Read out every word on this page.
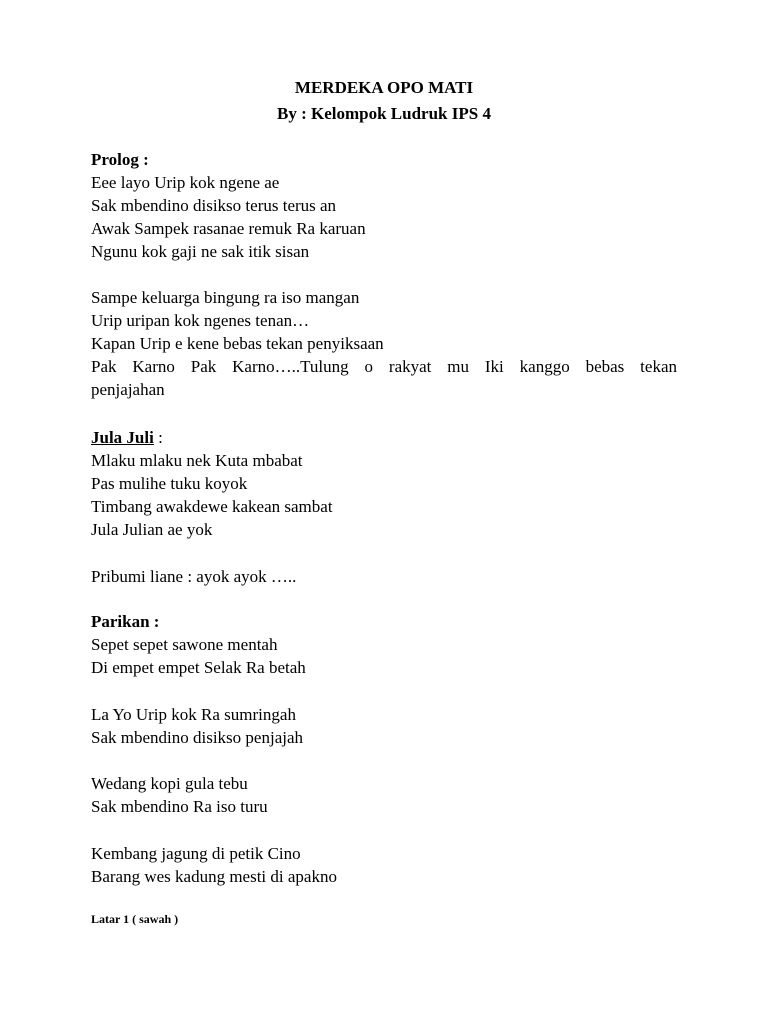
MERDEKA OPO MATI
By : Kelompok Ludruk IPS 4
Prolog :
Eee layo Urip kok ngene ae
Sak mbendino disikso terus terus an
Awak Sampek rasanae remuk Ra karuan
Ngunu kok gaji ne sak itik sisan
Sampe keluarga bingung ra iso mangan
Urip uripan kok ngenes tenan…
Kapan Urip e kene bebas tekan penyiksaan
Pak Karno Pak Karno…..Tulung o rakyat mu Iki kanggo bebas tekan
penjajahan
Jula Juli :
Mlaku mlaku nek Kuta mbabat
Pas mulihe tuku koyok
Timbang awakdewe kakean sambat
Jula Julian ae yok
Pribumi liane : ayok ayok …..
Parikan :
Sepet sepet sawone mentah
Di empet empet Selak Ra betah
La Yo Urip kok Ra sumringah
Sak mbendino disikso penjajah
Wedang kopi gula tebu
Sak mbendino Ra iso turu
Kembang jagung di petik Cino
Barang wes kadung mesti di apakno
Latar 1 ( sawah )
